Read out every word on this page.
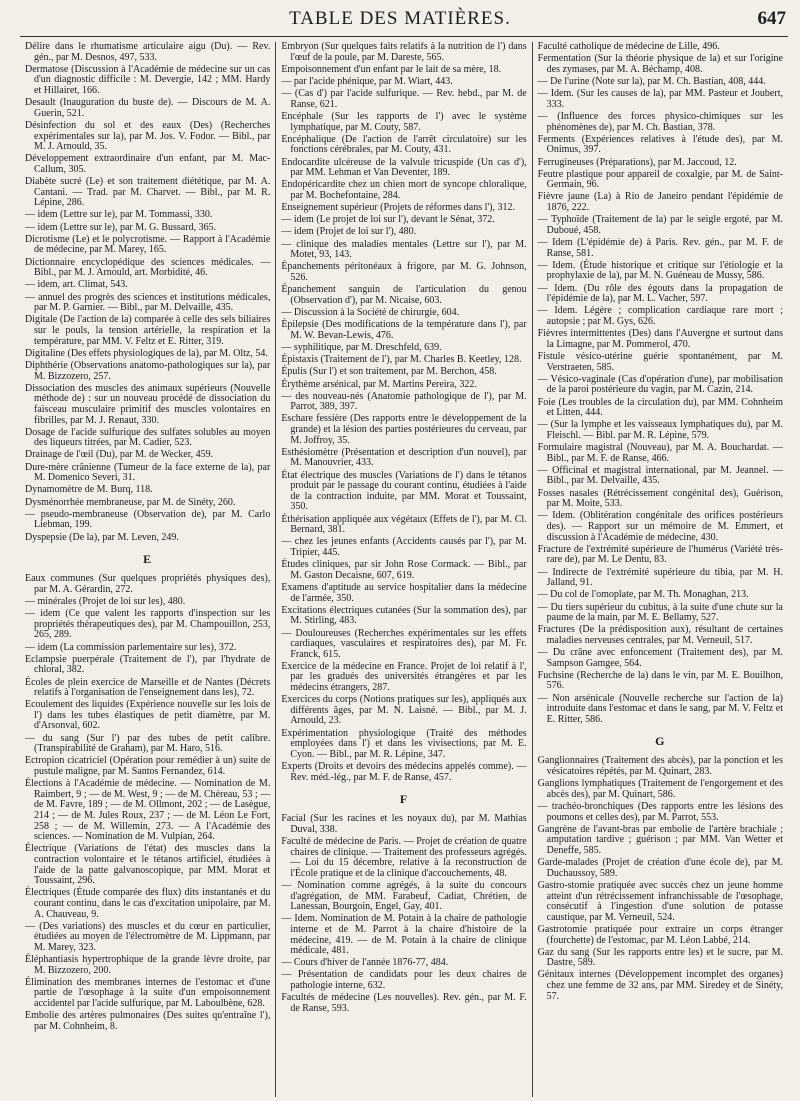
TABLE DES MATIÈRES.	647
Délire dans le rhumatisme articulaire aigu (Du). — Rev. gén., par M. Desnos, 497, 533.
Dermatose (Discussion à l'Académie de médecine sur un cas d'un diagnostic difficile : M. Devergie, 142 ; MM. Hardy et Hillairet, 166.
Desault (Inauguration du buste de). — Discours de M. A. Guerin, 521.
Désinfection du sol et des eaux (Des) (Recherches expérimentales sur la), par M. Jos. V. Fodor. — Bibl., par M. J. Arnould, 35.
Développement extraordinaire d'un enfant, par M. Mac-Callum, 305.
Diabète sucré (Le) et son traitement diététique, par M. A. Cantani. — Trad. par M. Charvet. — Bibl., par M. R. Lépine, 286.
— idem (Lettre sur le), par M. Tommassi, 330.
— idem (Lettre sur le), par M. G. Bussard, 365.
Dicrotisme (Le) et le polycrotisme. — Rapport à l'Académie de médecine, par M. Marey, 165.
Dictionnaire encyclopédique des sciences médicales. — Bibl., par M. J. Arnould, art. Morbidité, 46.
— idem, art. Climat, 543.
— annuel des progrès des sciences et institutions médicales, par M. P. Garnier. — Bibl., par M. Delvaille, 435.
Digitale (De l'action de la) comparée à celle des sels biliaires sur le pouls, la tension artérielle, la respiration et la température, par MM. V. Feltz et E. Ritter, 319.
Digitaline (Des effets physiologiques de la), par M. Oltz, 54.
Diphthérie (Observations anatomo-pathologiques sur la), par M. Bizzozero, 257.
Dissociation des muscles des animaux supérieurs (Nouvelle méthode de) : sur un nouveau procédé de dissociation du faisceau musculaire primitif des muscles volontaires en fibrilles, par M. J. Renaut, 330.
Dosage de l'acide sulfurique des sulfates solubles au moyen des liqueurs titrées, par M. Cadier, 523.
Drainage de l'œil (Du), par M. de Wecker, 459.
Dure-mère crânienne (Tumeur de la face externe de la), par M. Domenico Severi, 31.
Dynamomètre de M. Burq, 118.
Dysménorrhée membraneuse, par M. de Sinéty, 260.
— pseudo-membraneuse (Observation de), par M. Carlo Liebman, 199.
Dyspepsie (De la), par M. Leven, 249.
E
Eaux communes (Sur quelques propriétés physiques des), par M. A. Gérardin, 272.
— minérales (Projet de loi sur les), 480.
— idem (Ce que valent les rapports d'inspection sur les propriétés thérapeutiques des), par M. Champouillon, 253, 265, 289.
— idem (La commission parlementaire sur les), 372.
Eclampsie puerpérale (Traitement de l'), par l'hydrate de chloral, 382.
Écoles de plein exercice de Marseille et de Nantes (Décrets relatifs à l'organisation de l'enseignement dans les), 72.
Ecoulement des liquides (Expérience nouvelle sur les lois de l') dans les tubes élastiques de petit diamètre, par M. d'Arsonval, 602.
— du sang (Sur l') par des tubes de petit calibre. (Transpirabilité de Graham), par M. Haro, 516.
Ectropion cicatriciel (Opération pour remédier à un) suite de pustule maligne, par M. Santos Fernandez, 614.
Élections à l'Académie de médecine. — Nomination de M. Raimbert, 9 ; — de M. West, 9 ; — de M. Chéreau, 53 ; — de M. Favre, 189 ; — de M. Ollmont, 202 ; — de Lasègue, 214 ; — de M. Jules Roux, 237 ; — de M. Léon Le Fort, 258 ; — de M. Willemin, 273. — A l'Académie des sciences. — Nomination de M. Vulpian, 264.
Électrique (Variations de l'état) des muscles dans la contraction volontaire et le tétanos artificiel, étudiées à l'aide de la patte galvanoscopique, par MM. Morat et Toussaint, 296.
Électriques (Étude comparée des flux) dits instantanés et du courant continu, dans le cas d'excitation unipolaire, par M. A. Chauveau, 9.
— (Des variations) des muscles et du cœur en particulier, étudiées au moyen de l'électromètre de M. Lippmann, par M. Marey, 323.
Éléphantiasis hypertrophique de la grande lèvre droite, par M. Bizzozero, 200.
Élimination des membranes internes de l'estomac et d'une partie de l'œsophage à la suite d'un empoisonnement accidentel par l'acide sulfurique, par M. Laboulbène, 628.
Embolie des artères pulmonaires (Des suites qu'entraîne l'), par M. Cohnheim, 8.
Embryon (Sur quelques faits relatifs à la nutrition de l') dans l'œuf de la poule, par M. Dareste, 565.
Empoisonnement d'un enfant par le lait de sa mère, 18.
— par l'acide phénique, par M. Wiart, 443.
— (Cas d') par l'acide sulfurique. — Rev. hebd., par M. de Ranse, 621.
Encéphale (Sur les rapports de l') avec le système lymphatique, par M. Couty, 587.
Encéphalique (De l'action de l'arrêt circulatoire) sur les fonctions cérébrales, par M. Couty, 431.
Endocardite ulcéreuse de la valvule tricuspide (Un cas d'), par MM. Lehman et Van Deventer, 189.
Endopéricardite chez un chien mort de syncope chloralique, par M. Bochefontaine, 284.
Enseignement supérieur (Projets de réformes dans l'), 312.
— idem (Le projet de loi sur l'), devant le Sénat, 372.
— idem (Projet de loi sur l'), 480.
— clinique des maladies mentales (Lettre sur l'), par M. Motet, 93, 143.
Épanchements péritonéaux à frigore, par M. G. Johnson, 526.
Épanchement sanguin de l'articulation du genou (Observation d'), par M. Nicaise, 603.
— Discussion à la Société de chirurgie, 604.
Épilepsie (Des modifications de la température dans l'), par M. W. Bevan-Lewis, 476.
— syphilitique, par M. Dreschfeld, 639.
Épistaxis (Traitement de l'), par M. Charles B. Keetley, 128.
Épulis (Sur l') et son traitement, par M. Berchon, 458.
Érythème arsénical, par M. Martins Pereira, 322.
— des nouveau-nés (Anatomie pathologique de l'), par M. Parrot, 389, 397.
Eschare fessière (Des rapports entre le développement de la grande) et la lésion des parties postérieures du cerveau, par M. Joffroy, 35.
Esthésiomètre (Présentation et description d'un nouvel), par M. Manouvrier, 433.
État électrique des muscles (Variations de l') dans le tétanos produit par le passage du courant continu, étudiées à l'aide de la contraction induite, par MM. Morat et Toussaint, 350.
Éthérisation appliquée aux végétaux (Effets de l'), par M. Cl. Bernard, 381.
— chez les jeunes enfants (Accidents causés par l'), par M. Tripier, 445.
Études cliniques, par sir John Rose Cormack. — Bibl., par M. Gaston Decaisne, 607, 619.
Examens d'aptitude au service hospitalier dans la médecine de l'armée, 350.
Excitations électriques cutanées (Sur la sommation des), par M. Stirling, 483.
— Douloureuses (Recherches expérimentales sur les effets cardiaques, vasculaires et respiratoires des), par M. Fr. Franck, 615.
Exercice de la médecine en France. Projet de loi relatif à l', par les gradués des universités étrangères et par les médecins étrangers, 287.
Exercices du corps (Notions pratiques sur les), appliqués aux différents âges, par M. N. Laisné. — Bibl., par M. J. Arnould, 23.
Expérimentation physiologique (Traité des méthodes employées dans l') et dans les vivisections, par M. E. Cyon. — Bibl., par M. R. Lépine, 347.
Experts (Droits et devoirs des médecins appelés comme). — Rev. méd.-lég., par M. F. de Ranse, 457.
F
Facial (Sur les racines et les noyaux du), par M. Mathias Duval, 338.
Faculté de médecine de Paris. — Projet de création de quatre chaires de clinique. — Traitement des professeurs agrégés. — Loi du 15 décembre, relative à la reconstruction de l'École pratique et de la clinique d'accouchements, 48.
— Nomination comme agrégés, à la suite du concours d'agrégation, de MM. Farabeuf, Cadiat, Chrétien, de Lanessan, Bourgoin, Engel, Gay, 401.
— Idem. Nomination de M. Potain à la chaire de pathologie interne et de M. Parrot à la chaire d'histoire de la médecine, 419. — de M. Potain à la chaire de clinique médicale, 481.
— Cours d'hiver de l'année 1876-77, 484.
— Présentation de candidats pour les deux chaires de pathologie interne, 632.
Facultés de médecine (Les nouvelles). Rev. gén., par M. F. de Ranse, 593.
Faculté catholique de médecine de Lille, 496.
Fermentation (Sur la théorie physique de la) et sur l'origine des zymases, par M. A. Béchamp, 408.
— De l'urine (Note sur la), par M. Ch. Bastian, 408, 444.
— Idem. (Sur les causes de la), par MM. Pasteur et Joubert, 333.
— (Influence des forces physico-chimiques sur les phénomènes de), par M. Ch. Bastian, 378.
Ferments (Expériences relatives à l'étude des), par M. Onimus, 397.
Ferrugineuses (Préparations), par M. Jaccoud, 12.
Feutre plastique pour appareil de coxalgie, par M. de Saint-Germain, 96.
Fièvre jaune (La) à Rio de Janeiro pendant l'épidémie de 1876, 222.
— Typhoïde (Traitement de la) par le seigle ergoté, par M. Duboué, 458.
— Idem (L'épidémie de) à Paris. Rev. gén., par M. F. de Ranse, 581.
— Idem. (Étude historique et critique sur l'étiologie et la prophylaxie de la), par M. N. Guéneau de Mussy, 586.
— Idem. (Du rôle des égouts dans la propagation de l'épidémie de la), par M. L. Vacher, 597.
— Idem. Légère ; complication cardiaque rare mort ; autopsie ; par M. Gys, 626.
Fièvres intermittentes (Des) dans l'Auvergne et surtout dans la Limagne, par M. Pommerol, 470.
Fistule vésico-utérine guérie spontanément, par M. Verstraeten, 585.
— Vésico-vaginale (Cas d'opération d'une), par mobilisation de la paroi postérieure du vagin, par M. Cazin, 214.
Foie (Les troubles de la circulation du), par MM. Cohnheim et Litten, 444.
— (Sur la lymphe et les vaisseaux lymphatiques du), par M. Fleischl. — Bibl. par M. R. Lépine, 579.
Formulaire magistral (Nouveau), par M. A. Bouchardat. — Bibl., par M. F. de Ranse, 466.
— Officinal et magistral international, par M. Jeannel. — Bibl., par M. Delvaille, 435.
Fosses nasales (Rétrécissement congénital des), Guérison, par M. Moite, 533.
— Idem. (Oblitération congénitale des orifices postérieurs des). — Rapport sur un mémoire de M. Emmert, et discussion à l'Académie de médecine, 430.
Fracture de l'extrémité supérieure de l'humérus (Variété très-rare de), par M. Le Dentu, 83.
— Indirecte de l'extrémité supérieure du tibia, par M. H. Jalland, 91.
— Du col de l'omoplate, par M. Th. Monaghan, 213.
— Du tiers supérieur du cubitus, à la suite d'une chute sur la paume de la main, par M. E. Bellamy, 527.
Fractures (De la prédisposition aux), résultant de certaines maladies nerveuses centrales, par M. Verneuil, 517.
— Du crâne avec enfoncement (Traitement des), par M. Sampson Gamgee, 564.
Fuchsine (Recherche de la) dans le vin, par M. E. Bouilhon, 576.
— Non arsénicale (Nouvelle recherche sur l'action de la) introduite dans l'estomac et dans le sang, par M. V. Feltz et E. Ritter, 586.
G
Ganglionnaires (Traitement des abcès), par la ponction et les vésicatoires répétés, par M. Quinart, 283.
Ganglions lymphatiques (Traitement de l'engorgement et des abcès des), par M. Quinart, 586.
— trachéo-bronchiques (Des rapports entre les lésions des poumons et celles des), par M. Parrot, 553.
Gangrène de l'avant-bras par embolie de l'artère brachiale ; amputation tardive ; guérison ; par MM. Van Wetter et Deneffe, 585.
Garde-malades (Projet de création d'une école de), par M. Duchaussoy, 589.
Gastro-stomie pratiquée avec succès chez un jeune homme atteint d'un rétrécissement infranchissable de l'œsophage, consécutif à l'ingestion d'une solution de potasse caustique, par M. Verneuil, 524.
Gastrotomie pratiquée pour extraire un corps étranger (fourchette) de l'estomac, par M. Léon Labbé, 214.
Gaz du sang (Sur les rapports entre les) et le sucre, par M. Dastre, 589.
Génitaux internes (Développement incomplet des organes) chez une femme de 32 ans, par MM. Siredey et de Sinéty, 57.
